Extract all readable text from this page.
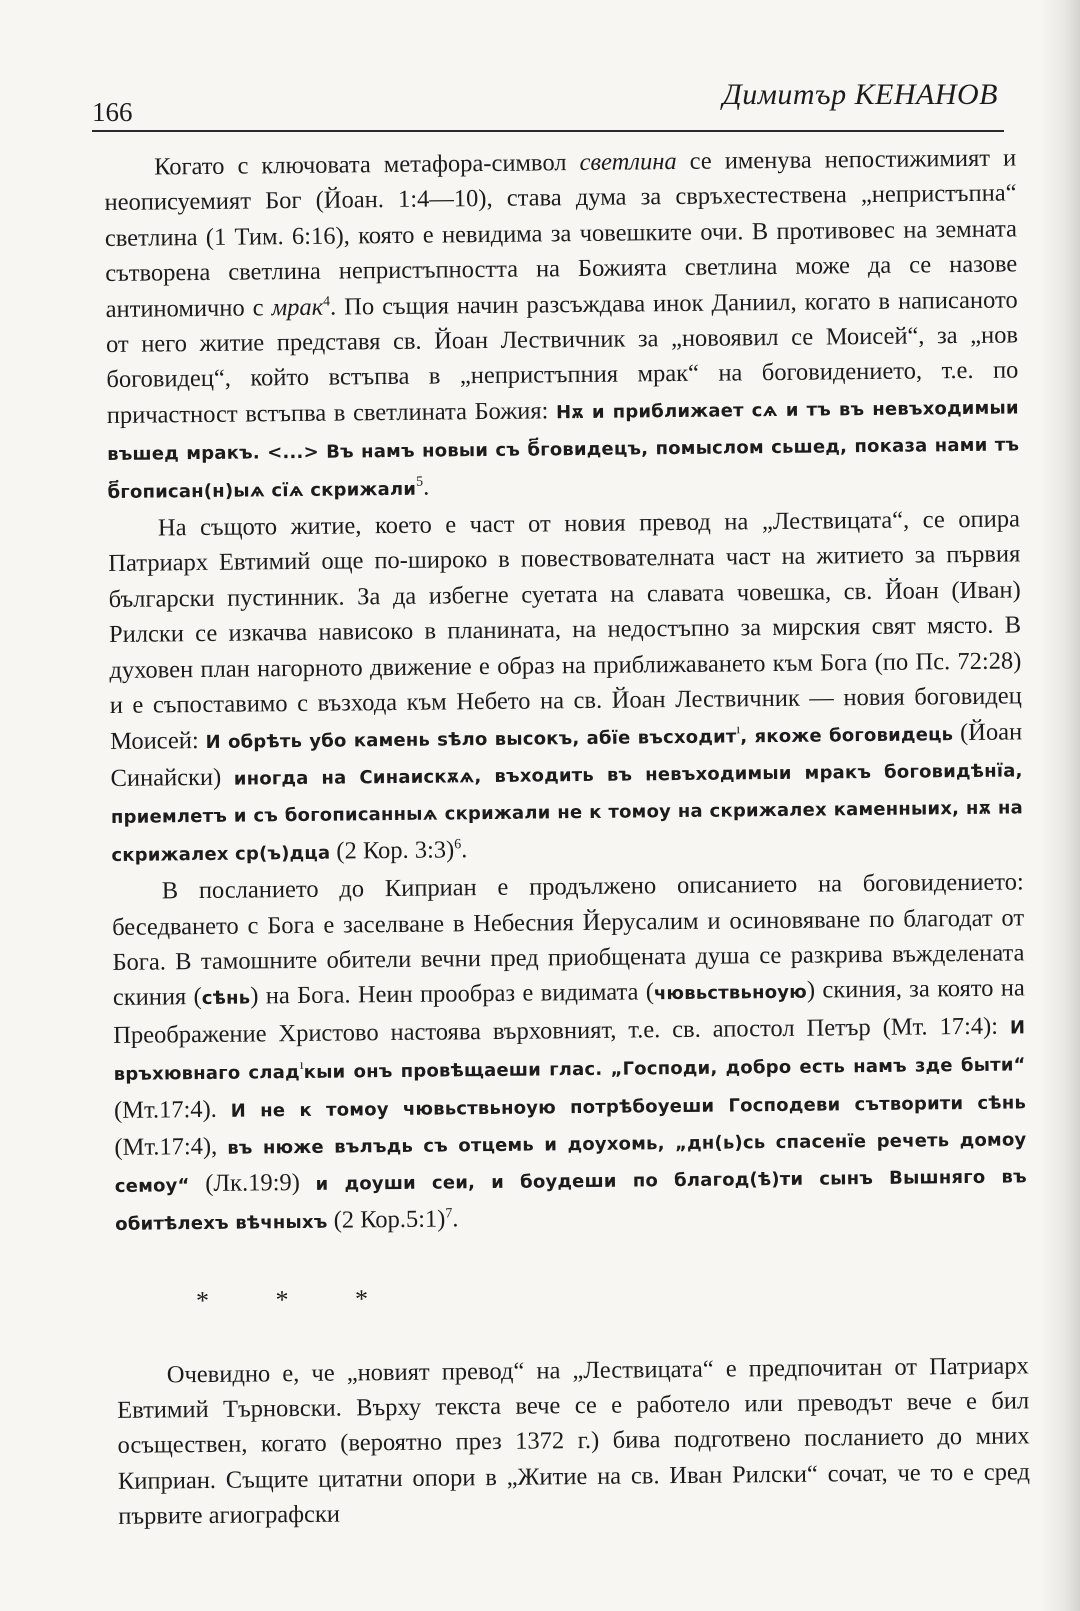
166
Димитър КЕНАНОВ

Когато с ключовата метафора-символ светлина се именува непостижимият и неописуемият Бог (Йоан. 1:4—10), става дума за свръхестествена „непристъпна“ светлина (1 Тим. 6:16), която е невидима за човешките очи. В противовес на земната сътворена светлина непристъпността на Божията светлина може да се назове антиномично с мрак$^4$. По същия начин разсъждава инок Даниил, когато в написаното от него житие представя св. Йоан Лествичник за „новоявил се Моисей“, за „нов боговидец“, който встъпва в „непристъпния мрак“ на боговидението, т.е. по причастност встъпва в светлината Божия: Нѫ и приближает сѧ и тъ въ невъходимыи въшед мракъ. <...> Въ намъ новыи съ б҃говидецъ, помыслом сьшед, показа нами тъ б҃гописан(н)ыѧ сїѧ скрижали$^5$.

На същото житие, което е част от новия превод на „Лествицата“, се опира Патриарх Евтимий още по-широко в повествователната част на житието за първия български пустинник. За да избегне суетата на славата човешка, св. Йоан (Иван) Рилски се изкачва нависоко в планината, на недостъпно за мирския свят място. В духовен план нагорното движение е образ на приближаването към Бога (по Пс. 72:28) и е съпоставимо с възхода към Небето на св. Йоан Лествичник — новия боговидец Моисей: И обрѣть убо камень ѕѣло высокъ, абїе въсходит$^ı$, якоже боговидець (Йоан Синайски) иногда на Синаискѫѧ, въходить въ невъходимыи мракъ боговидѣнїа, приемлетъ и съ богописанныѧ скрижали не к томоу на скрижалех каменныих, нѫ на скрижалех ср(ъ)дца (2 Кор. 3:3)$^6$.

В посланието до Киприан е продължено описанието на боговидението: беседването с Бога е заселване в Небесния Йерусалим и осиновяване по благодат от Бога. В тамошните обители вечни пред приобщената душа се разкрива въжделената скиния (сѣнь) на Бога. Неин прообраз е видимата (чювьствьноую) скиния, за която на Преображение Христово настоява върховният, т.е. св. апостол Петър (Мт. 17:4): И връхювнаго слад$^ı$кыи онъ провѣщаеши глас. „Господи, добро есть намъ зде быти“ (Мт.17:4). И не к томоу чювьствьноую потрѣбоуеши Господеви сътворити сѣнь (Мт.17:4), въ нюже вълъдь съ отцемь и доухомь, „дн(ь)сь спасенїе речеть домоу семоу“ (Лк.19:9) и доуши сеи, и боудеши по благод(ѣ)ти сынъ Вышняго въ обитѣлехъ вѣчныхъ (2 Кор.5:1)$^7$.

* * *

Очевидно е, че „новият превод“ на „Лествицата“ е предпочитан от Патриарх Евтимий Търновски. Върху текста вече се е работело или преводът вече е бил осъществен, когато (вероятно през 1372 г.) бива подготвено посланието до мних Киприан. Същите цитатни опори в „Житие на св. Иван Рилски“ сочат, че то е сред първите агиографски
